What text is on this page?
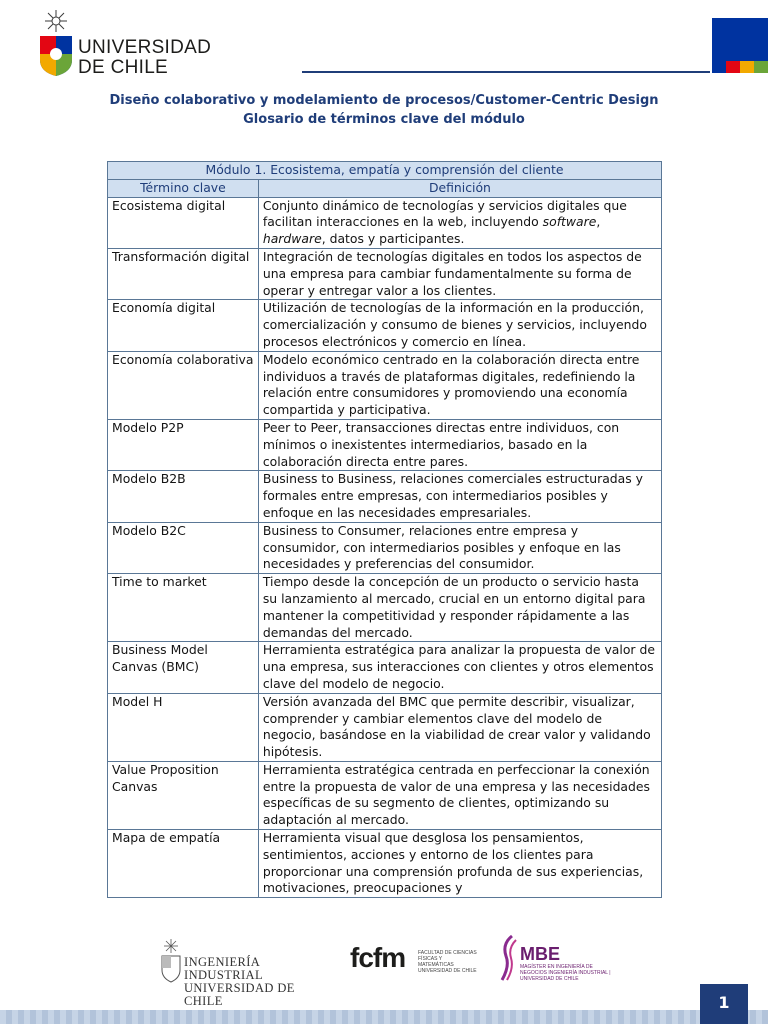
UNIVERSIDAD
DE CHILE
Diseño colaborativo y modelamiento de procesos/Customer-Centric Design
Glosario de términos clave del módulo
Módulo 1. Ecosistema, empatía y comprensión del cliente	
Término clave	Definición
Ecosistema digital	Conjunto dinámico de tecnologías y servicios digitales que facilitan interacciones en la web, incluyendo software, hardware, datos y participantes.
Transformación digital	Integración de tecnologías digitales en todos los aspectos de una empresa para cambiar fundamentalmente su forma de operar y entregar valor a los clientes.
Economía digital	Utilización de tecnologías de la información en la producción, comercialización y consumo de bienes y servicios, incluyendo procesos electrónicos y comercio en línea.
Economía colaborativa	Modelo económico centrado en la colaboración directa entre individuos a través de plataformas digitales, redefiniendo la relación entre consumidores y promoviendo una economía compartida y participativa.
Modelo P2P	Peer to Peer, transacciones directas entre individuos, con mínimos o inexistentes intermediarios, basado en la colaboración directa entre pares.
Modelo B2B	Business to Business, relaciones comerciales estructuradas y formales entre empresas, con intermediarios posibles y enfoque en las necesidades empresariales.
Modelo B2C	Business to Consumer, relaciones entre empresa y consumidor, con intermediarios posibles y enfoque en las necesidades y preferencias del consumidor.
Time to market	Tiempo desde la concepción de un producto o servicio hasta su lanzamiento al mercado, crucial en un entorno digital para mantener la competitividad y responder rápidamente a las demandas del mercado.
Business Model Canvas (BMC)	Herramienta estratégica para analizar la propuesta de valor de una empresa, sus interacciones con clientes y otros elementos clave del modelo de negocio.
Model H	Versión avanzada del BMC que permite describir, visualizar, comprender y cambiar elementos clave del modelo de negocio, basándose en la viabilidad de crear valor y validando hipótesis.
Value Proposition Canvas	Herramienta estratégica centrada en perfeccionar la conexión entre la propuesta de valor de una empresa y las necesidades específicas de su segmento de clientes, optimizando su adaptación al mercado.
Mapa de empatía	Herramienta visual que desglosa los pensamientos, sentimientos, acciones y entorno de los clientes para proporcionar una comprensión profunda de sus experiencias, motivaciones, preocupaciones y
INGENIERÍA INDUSTRIAL
UNIVERSIDAD DE CHILE
fcfm	FACULTAD DE CIENCIAS FÍSICAS Y MATEMÁTICAS UNIVERSIDAD DE CHILE
MBE
MAGÍSTER EN INGENIERÍA DE NEGOCIOS INGENIERÍA INDUSTRIAL | UNIVERSIDAD DE CHILE
1
